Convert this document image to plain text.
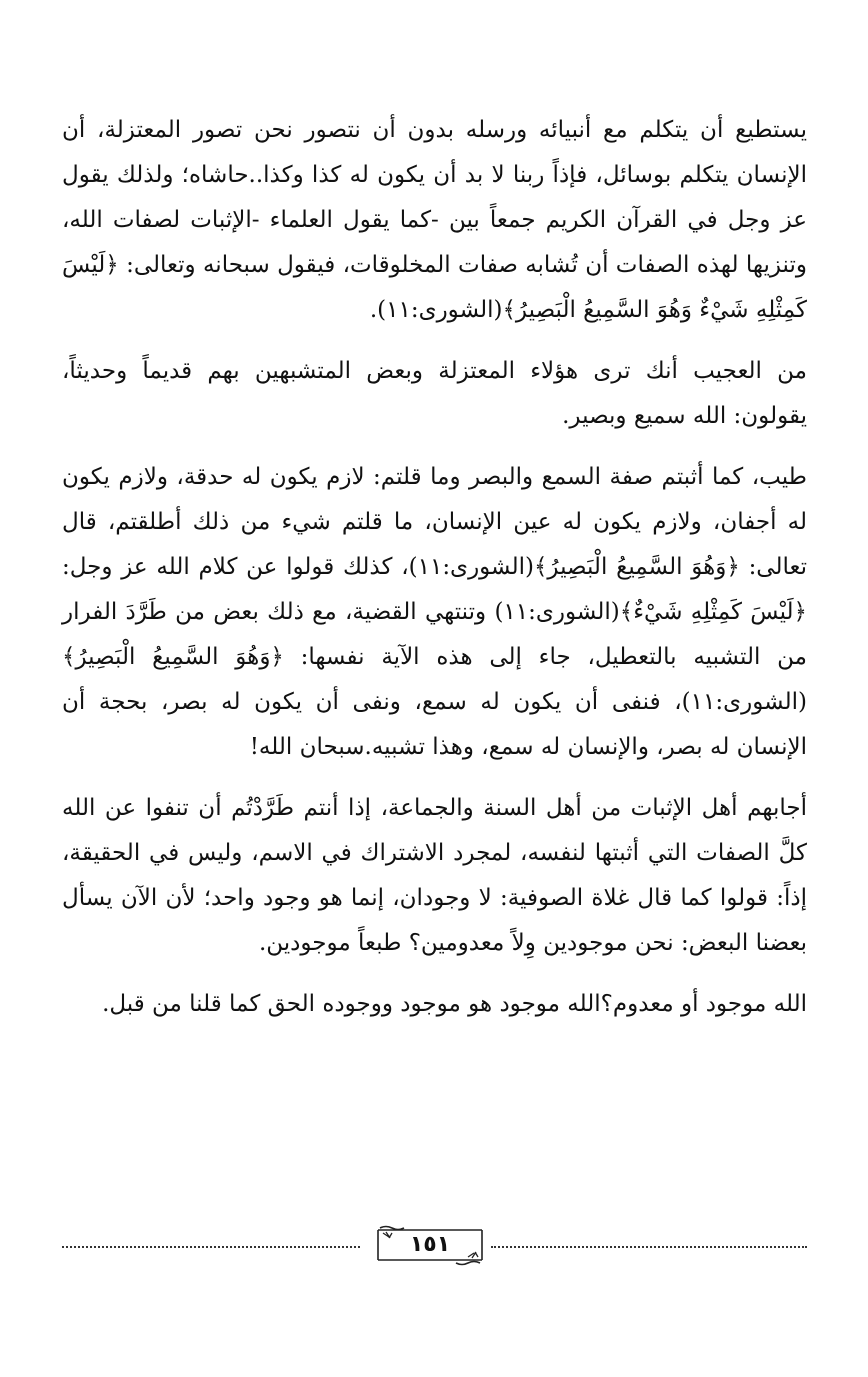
يستطيع أن يتكلم مع أنبيائه ورسله بدون أن نتصور نحن تصور المعتزلة، أن الإنسان يتكلم بوسائل، فإذاً ربنا لا بد أن يكون له كذا وكذا..حاشاه؛ ولذلك يقول عز وجل في القرآن الكريم جمعاً بين -كما يقول العلماء -الإثبات لصفات الله، وتنزيها لهذه الصفات أن تُشابه صفات المخلوقات، فيقول سبحانه وتعالى: ﴿لَيْسَ كَمِثْلِهِ شَيْءٌ وَهُوَ السَّمِيعُ الْبَصِيرُ﴾(الشورى:١١).

من العجيب أنك ترى هؤلاء المعتزلة وبعض المتشبهين بهم قديماً وحديثاً، يقولون: الله سميع وبصير.

طيب، كما أثبتم صفة السمع والبصر وما قلتم: لازم يكون له حدقة، ولازم يكون له أجفان، ولازم يكون له عين الإنسان، ما قلتم شيء من ذلك أطلقتم، قال تعالى: ﴿وَهُوَ السَّمِيعُ الْبَصِيرُ﴾(الشورى:١١)، كذلك قولوا عن كلام الله عز وجل: ﴿لَيْسَ كَمِثْلِهِ شَيْءٌ﴾(الشورى:١١) وتنتهي القضية، مع ذلك بعض من طَرَّدَ الفرار من التشبيه بالتعطيل، جاء إلى هذه الآية نفسها: ﴿وَهُوَ السَّمِيعُ الْبَصِيرُ﴾(الشورى:١١)، فنفى أن يكون له سمع، ونفى أن يكون له بصر، بحجة أن الإنسان له بصر، والإنسان له سمع، وهذا تشبيه.سبحان الله!

أجابهم أهل الإثبات من أهل السنة والجماعة، إذا أنتم طَرَّدْتُم أن تنفوا عن الله كلَّ الصفات التي أثبتها لنفسه، لمجرد الاشتراك في الاسم، وليس في الحقيقة، إذاً: قولوا كما قال غلاة الصوفية: لا وجودان، إنما هو وجود واحد؛ لأن الآن يسأل بعضنا البعض: نحن موجودين وِلاً معدومين؟ طبعاً موجودين.

الله موجود أو معدوم؟الله موجود هو موجود ووجوده الحق كما قلنا من قبل.

١٥١
